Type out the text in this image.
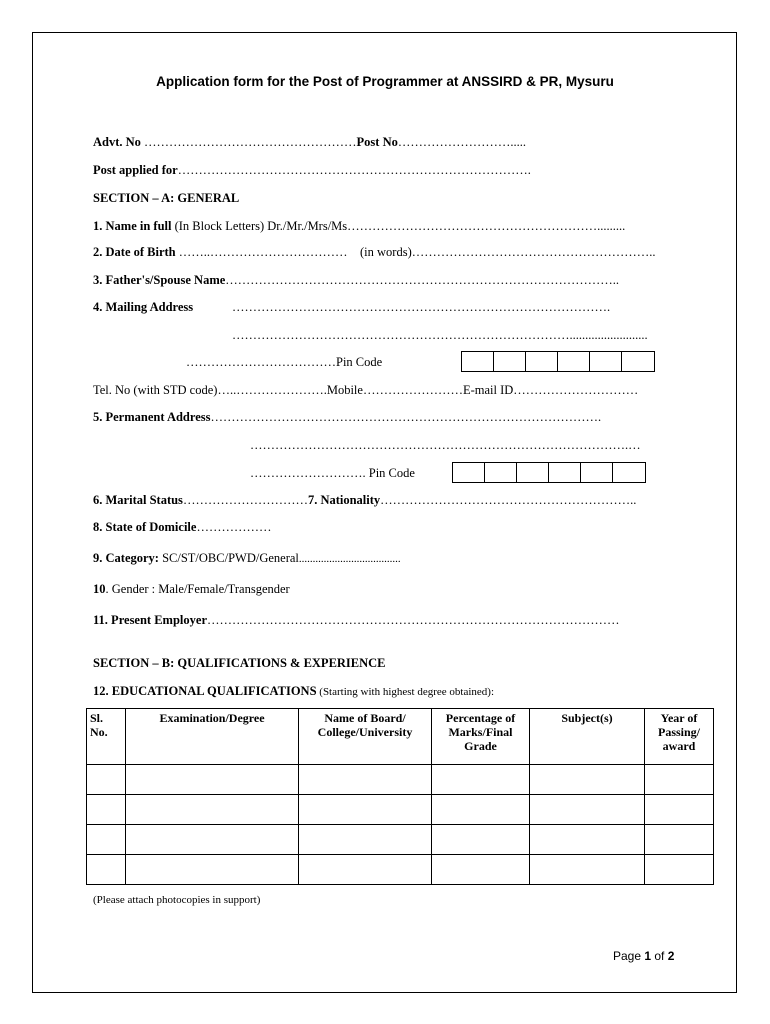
Application form for the Post of Programmer at ANSSIRD & PR, Mysuru
Advt. No ……………………………………………Post No……………………….....
Post applied for………………………………………………………………………….
SECTION – A: GENERAL
1. Name in full (In Block Letters) Dr./Mr./Mrs/Ms…………………………………………………….........
2. Date of Birth ……..…………………………… (in words)…………………………………………………..
3. Father's/Spouse Name…………………………………………………………………………………..
4. Mailing Address	……………………………………………………………………………….
……………………………………………………………………….........................
………………………………Pin Code
Tel. No (with STD code)…..………………….Mobile……………………E-mail ID…………………………
5. Permanent Address………………………………………………………………………………….
……………………………………………………………………………….…
………………………. Pin Code
6. Marital Status…………………………7. Nationality……………………………………………………..
8. State of Domicile………………
9. Category: SC/ST/OBC/PWD/General.....................................
10. Gender : Male/Female/Transgender
11. Present Employer………………………………………………………………………………………
SECTION – B: QUALIFICATIONS & EXPERIENCE
12. EDUCATIONAL QUALIFICATIONS (Starting with highest degree obtained):
Sl. No.	Examination/Degree	Name of Board/ College/University	Percentage of Marks/Final Grade	Subject(s)	Year of Passing/ award

(Please attach photocopies in support)
Page 1 of 2
